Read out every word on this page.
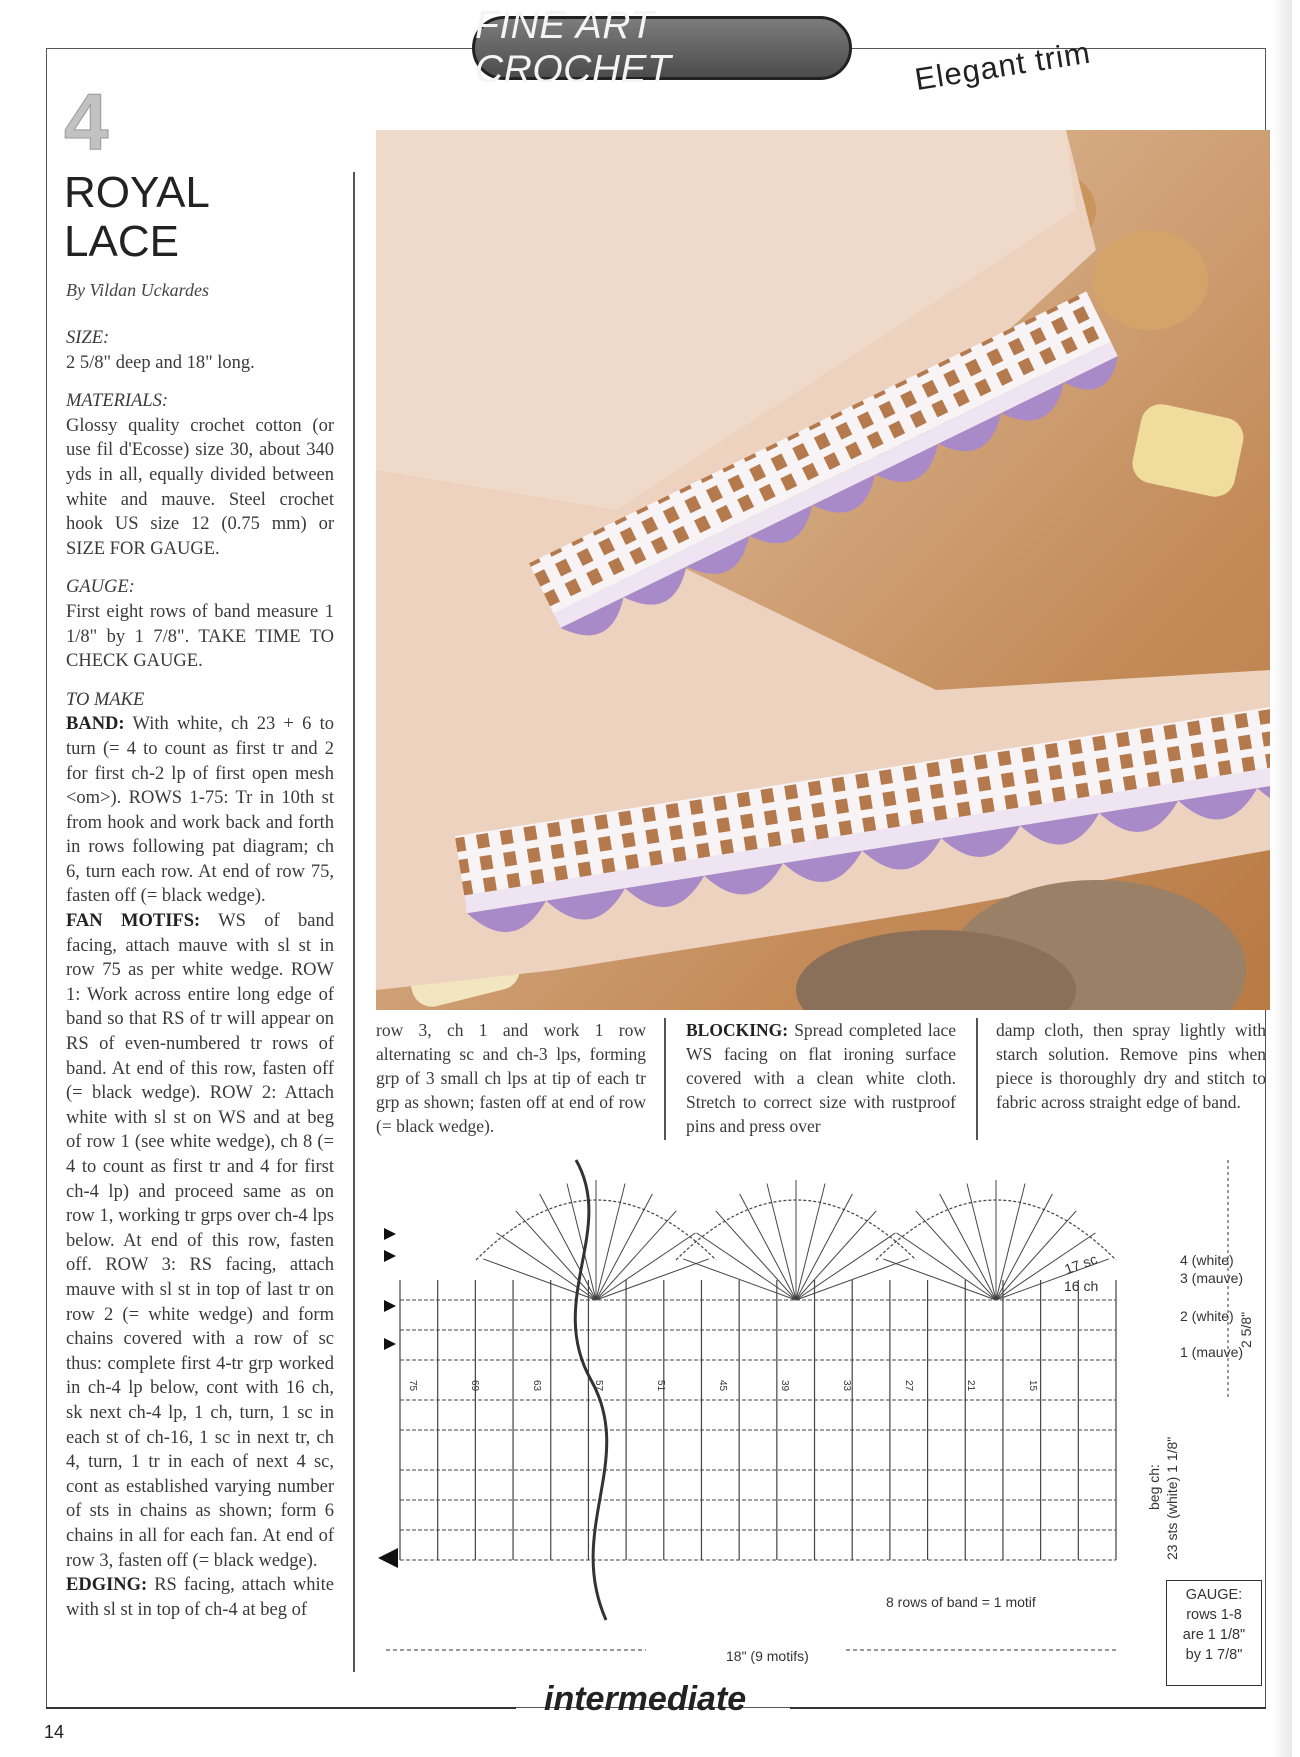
FINE ART CROCHET	Elegant trim
4
ROYAL
LACE
By Vildan Uckardes

SIZE:

2 5/8" deep and 18" long.

MATERIALS:

Glossy quality crochet cotton (or use fil d'Ecosse) size 30, about 340 yds in all, equally divided between white and mauve. Steel crochet hook US size 12 (0.75 mm) or SIZE FOR GAUGE.

GAUGE:

First eight rows of band measure 1 1/8" by 1 7/8". TAKE TIME TO CHECK GAUGE.

TO MAKE

BAND: With white, ch 23 + 6 to turn (= 4 to count as first tr and 2 for first ch-2 lp of first open mesh <om>). ROWS 1-75: Tr in 10th st from hook and work back and forth in rows following pat diagram; ch 6, turn each row. At end of row 75, fasten off (= black wedge).

FAN MOTIFS: WS of band facing, attach mauve with sl st in row 75 as per white wedge. ROW 1: Work across entire long edge of band so that RS of tr will appear on RS of even-numbered tr rows of band. At end of this row, fasten off (= black wedge). ROW 2: Attach white with sl st on WS and at beg of row 1 (see white wedge), ch 8 (= 4 to count as first tr and 4 for first ch-4 lp) and proceed same as on row 1, working tr grps over ch-4 lps below. At end of this row, fasten off. ROW 3: RS facing, attach mauve with sl st in top of last tr on row 2 (= white wedge) and form chains covered with a row of sc thus: complete first 4-tr grp worked in ch-4 lp below, cont with 16 ch, sk next ch-4 lp, 1 ch, turn, 1 sc in each st of ch-16, 1 sc in next tr, ch 4, turn, 1 tr in each of next 4 sc, cont as established varying number of sts in chains as shown; form 6 chains in all for each fan. At end of row 3, fasten off (= black wedge).

EDGING: RS facing, attach white with sl st in top of ch-4 at beg of

row 3, ch 1 and work 1 row alternating sc and ch-3 lps, forming grp of 3 small ch lps at tip of each tr grp as shown; fasten off at end of row (= black wedge).

BLOCKING: Spread completed lace WS facing on flat ironing surface covered with a clean white cloth. Stretch to correct size with rustproof pins and press over

damp cloth, then spray lightly with starch solution. Remove pins when piece is thoroughly dry and stitch to fabric across straight edge of band.

75	69	63	57	51	45	39	33	27	21	15
4 (white)
3 (mauve)
2 (white)
1 (mauve)
16 ch
17 sc
2 5/8"
beg ch: 23 sts (white) 1 1/8"
8 rows of band = 1 motif
18" (9 motifs)
GAUGE:
rows 1-8
are 1 1/8"
by 1 7/8"
intermediate
14
